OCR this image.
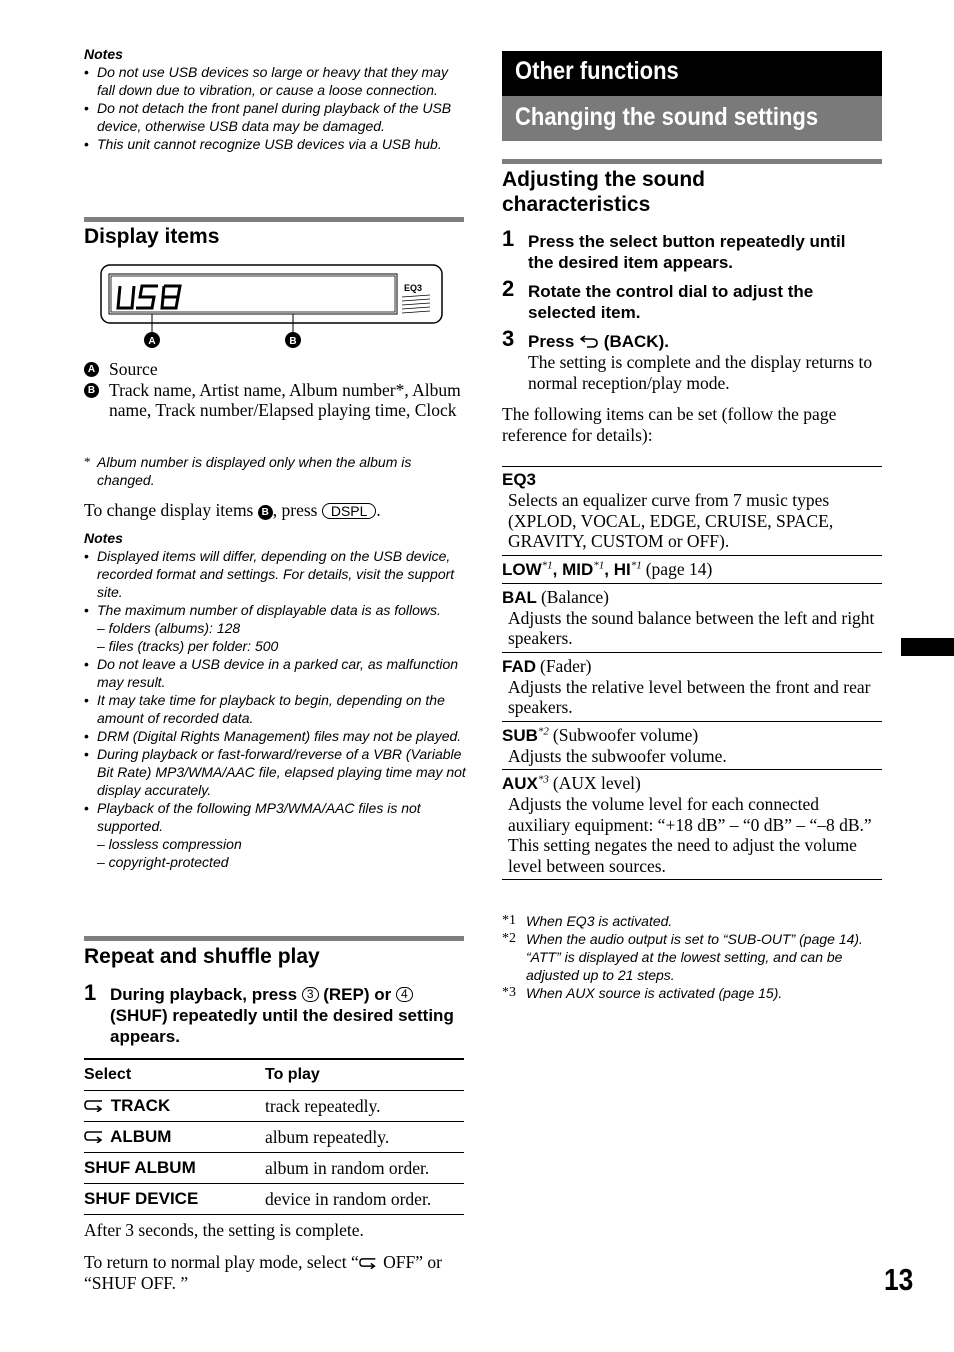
Notes
• Do not use USB devices so large or heavy that they may fall down due to vibration, or cause a loose connection.
• Do not detach the front panel during playback of the USB device, otherwise USB data may be damaged.
• This unit cannot recognize USB devices via a USB hub.
Display items
EQ3
A	B
A Source
B Track name, Artist name, Album number*, Album name, Track number/Elapsed playing time, Clock
* Album number is displayed only when the album is changed.
To change display items B , press DSPL .
Notes
• Displayed items will differ, depending on the USB device, recorded format and settings. For details, visit the support site.
• The maximum number of displayable data is as follows.
– folders (albums): 128
– files (tracks) per folder: 500
• Do not leave a USB device in a parked car, as malfunction may result.
• It may take time for playback to begin, depending on the amount of recorded data.
• DRM (Digital Rights Management) files may not be played.
• During playback or fast-forward/reverse of a VBR (Variable Bit Rate) MP3/WMA/AAC file, elapsed playing time may not display accurately.
• Playback of the following MP3/WMA/AAC files is not supported.
– lossless compression
– copyright-protected
Repeat and shuffle play
1 During playback, press 3 (REP) or 4 (SHUF) repeatedly until the desired setting appears.
Select	To play
TRACK	track repeatedly.
ALBUM	album repeatedly.
SHUF ALBUM	album in random order.
SHUF DEVICE	device in random order.
After 3 seconds, the setting is complete.
To return to normal play mode, select “ OFF” or “SHUF OFF. ”
Other functions
Changing the sound settings
Adjusting the sound characteristics
1 Press the select button repeatedly until the desired item appears.
2 Rotate the control dial to adjust the selected item.
3 Press (BACK).
The setting is complete and the display returns to normal reception/play mode.
The following items can be set (follow the page reference for details):
EQ3
Selects an equalizer curve from 7 music types (XPLOD, VOCAL, EDGE, CRUISE, SPACE, GRAVITY, CUSTOM or OFF).
LOW$^{*1}$, MID$^{*1}$, HI$^{*1}$ (page 14)
BAL (Balance)
Adjusts the sound balance between the left and right speakers.
FAD (Fader)
Adjusts the relative level between the front and rear speakers.
SUB$^{*2}$ (Subwoofer volume)
Adjusts the subwoofer volume.
AUX$^{*3}$ (AUX level)
Adjusts the volume level for each connected auxiliary equipment: “+18 dB” – “0 dB” – “–8 dB.”
This setting negates the need to adjust the volume level between sources.
*1 When EQ3 is activated.
*2 When the audio output is set to “SUB-OUT” (page 14).
“ATT” is displayed at the lowest setting, and can be adjusted up to 21 steps.
*3 When AUX source is activated (page 15).
13
